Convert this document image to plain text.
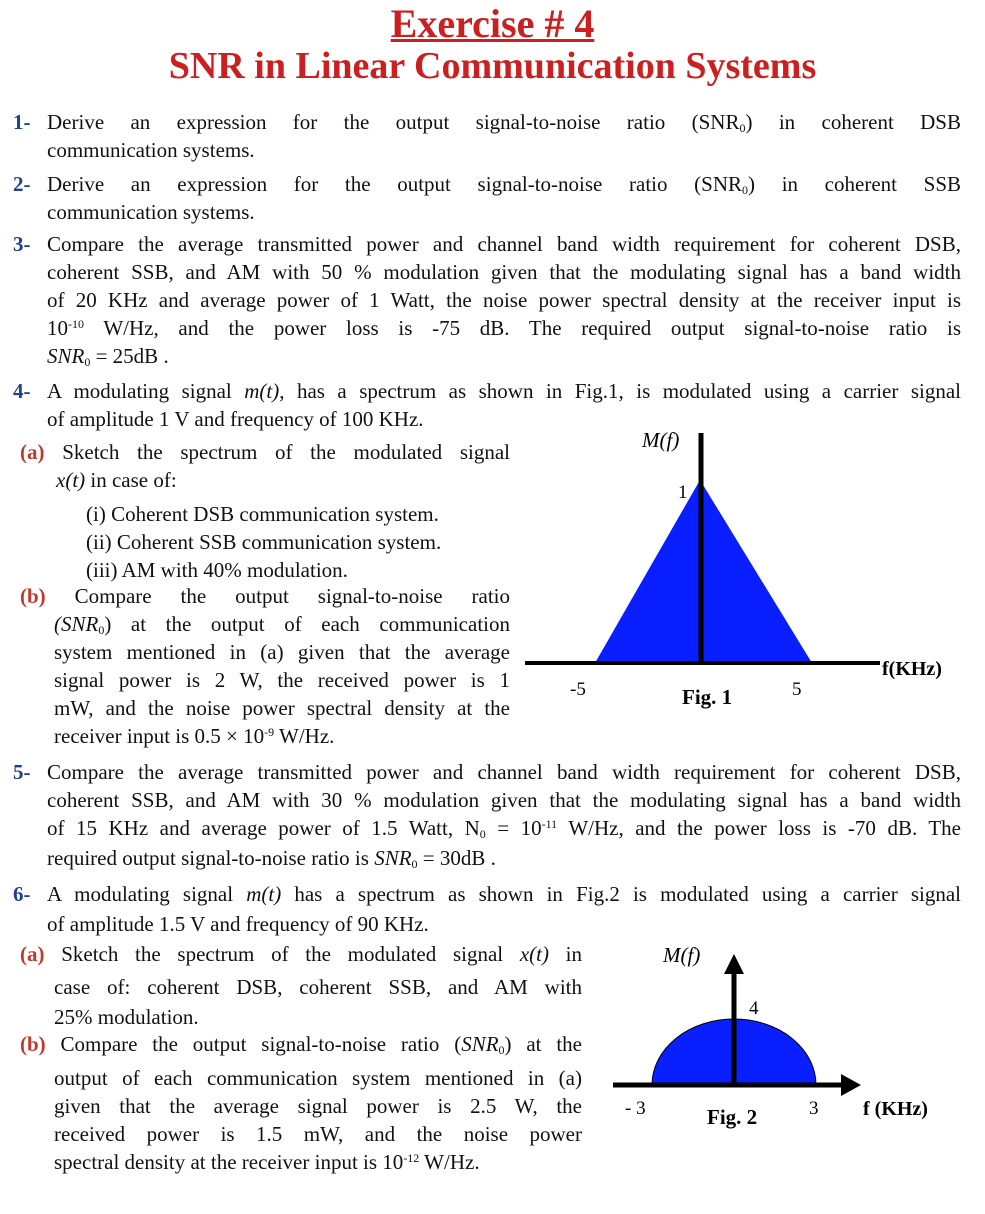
Exercise # 4
SNR in Linear Communication Systems
1- Derive an expression for the output signal-to-noise ratio $(SNR_0)$ in coherent DSB
communication systems.
2- Derive an expression for the output signal-to-noise ratio $(SNR_0)$ in coherent SSB
communication systems.
3- Compare the average transmitted power and channel band width requirement for coherent DSB,
coherent SSB, and AM with 50 % modulation given that the modulating signal has a band width
of 20 KHz and average power of 1 Watt, the noise power spectral density at the receiver input is
$10^{-10}$ W/Hz, and the power loss is -75 dB. The required output signal-to-noise ratio is
$SNR_0 = 25dB$ .
4- A modulating signal m(t), has a spectrum as shown in Fig.1, is modulated using a carrier signal
of amplitude 1 V and frequency of 100 KHz.
(a) Sketch the spectrum of the modulated signal
x(t) in case of:
(i) Coherent DSB communication system.
(ii) Coherent SSB communication system.
(iii) AM with 40% modulation.
(b) Compare the output signal-to-noise ratio
$(SNR_0)$ at the output of each communication
system mentioned in (a) given that the average
signal power is 2 W, the received power is 1
mW, and the noise power spectral density at the
receiver input is $0.5 \times 10^{-9}$ W/Hz.
M(f)
1
-5	5
f(KHz)
Fig. 1
5- Compare the average transmitted power and channel band width requirement for coherent DSB,
coherent SSB, and AM with 30 % modulation given that the modulating signal has a band width
of 15 KHz and average power of 1.5 Watt, $N_0 = 10^{-11}$ W/Hz, and the power loss is -70 dB. The
required output signal-to-noise ratio is $SNR_0 = 30dB$ .
6- A modulating signal m(t) has a spectrum as shown in Fig.2 is modulated using a carrier signal
of amplitude 1.5 V and frequency of 90 KHz.
(a) Sketch the spectrum of the modulated signal x(t) in
case of: coherent DSB, coherent SSB, and AM with
25% modulation.
(b) Compare the output signal-to-noise ratio $(SNR_0)$ at the
output of each communication system mentioned in (a)
given that the average signal power is 2.5 W, the
received power is 1.5 mW, and the noise power
spectral density at the receiver input is $10^{-12}$ W/Hz.
M(f)
4
- 3	3 f (KHz)
Fig. 2
